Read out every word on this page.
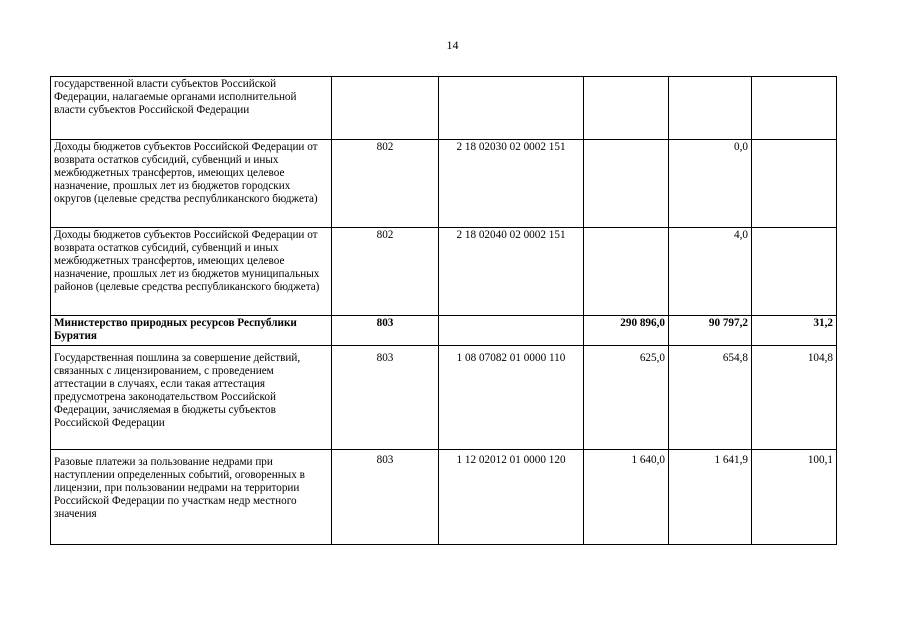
14
государственной власти субъектов Российской Федерации, налагаемые органами исполнительной власти субъектов Российской Федерации					
Доходы бюджетов субъектов Российской Федерации от возврата остатков субсидий, субвенций и иных межбюджетных трансфертов, имеющих целевое назначение, прошлых лет из бюджетов городских округов (целевые средства республиканского бюджета)	802	2 18 02030 02 0002 151		0,0	
Доходы бюджетов субъектов Российской Федерации от возврата остатков субсидий, субвенций и иных межбюджетных трансфертов, имеющих целевое назначение, прошлых лет из бюджетов муниципальных районов (целевые средства республиканского бюджета)	802	2 18 02040 02 0002 151		4,0	
Министерство природных ресурсов Республики Бурятия	803		290 896,0	90 797,2	31,2
Государственная пошлина за совершение действий, связанных с лицензированием, с проведением аттестации в случаях, если такая аттестация предусмотрена законодательством Российской Федерации, зачисляемая в бюджеты субъектов Российской Федерации	803	1 08 07082 01 0000 110	625,0	654,8	104,8
Разовые платежи за пользование недрами при наступлении определенных событий, оговоренных в лицензии, при пользовании недрами на территории Российской Федерации по участкам недр местного значения	803	1 12 02012 01 0000 120	1 640,0	1 641,9	100,1
